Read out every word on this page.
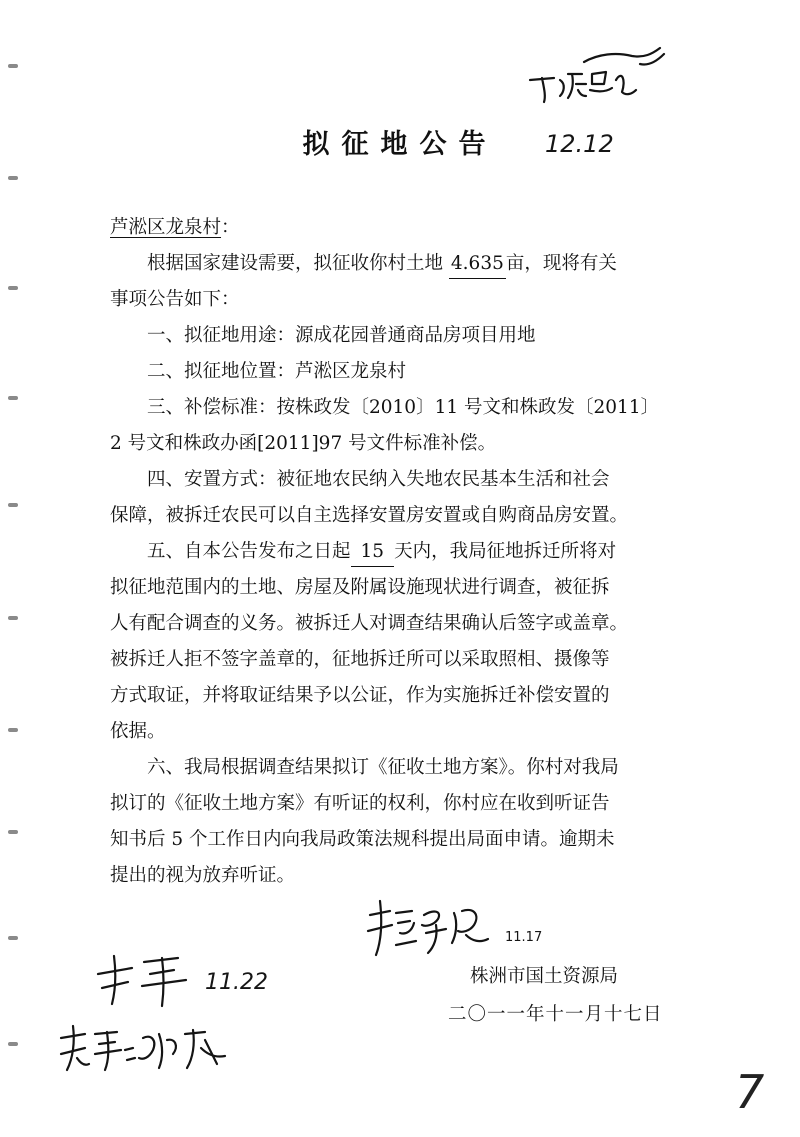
拟征地公告	12.12
芦淞区龙泉村：
根据国家建设需要，拟征收你村土地 4.635 亩，现将有关
事项公告如下：
一、拟征地用途：源成花园普通商品房项目用地
二、拟征地位置：芦淞区龙泉村
三、补偿标准：按株政发〔2010〕11 号文和株政发〔2011〕
2 号文和株政办函[2011]97 号文件标准补偿。
四、安置方式：被征地农民纳入失地农民基本生活和社会
保障，被拆迁农民可以自主选择安置房安置或自购商品房安置。
五、自本公告发布之日起 15 天内，我局征地拆迁所将对
拟征地范围内的土地、房屋及附属设施现状进行调查，被征拆
人有配合调查的义务。被拆迁人对调查结果确认后签字或盖章。
被拆迁人拒不签字盖章的，征地拆迁所可以采取照相、摄像等
方式取证，并将取证结果予以公证，作为实施拆迁补偿安置的
依据。
六、我局根据调查结果拟订《征收土地方案》。你村对我局
拟订的《征收土地方案》有听证的权利，你村应在收到听证告
知书后 5 个工作日内向我局政策法规科提出局面申请。逾期未
提出的视为放弃听证。
11.17
株洲市国土资源局
二〇一一年十一月十七日
11.22
7
